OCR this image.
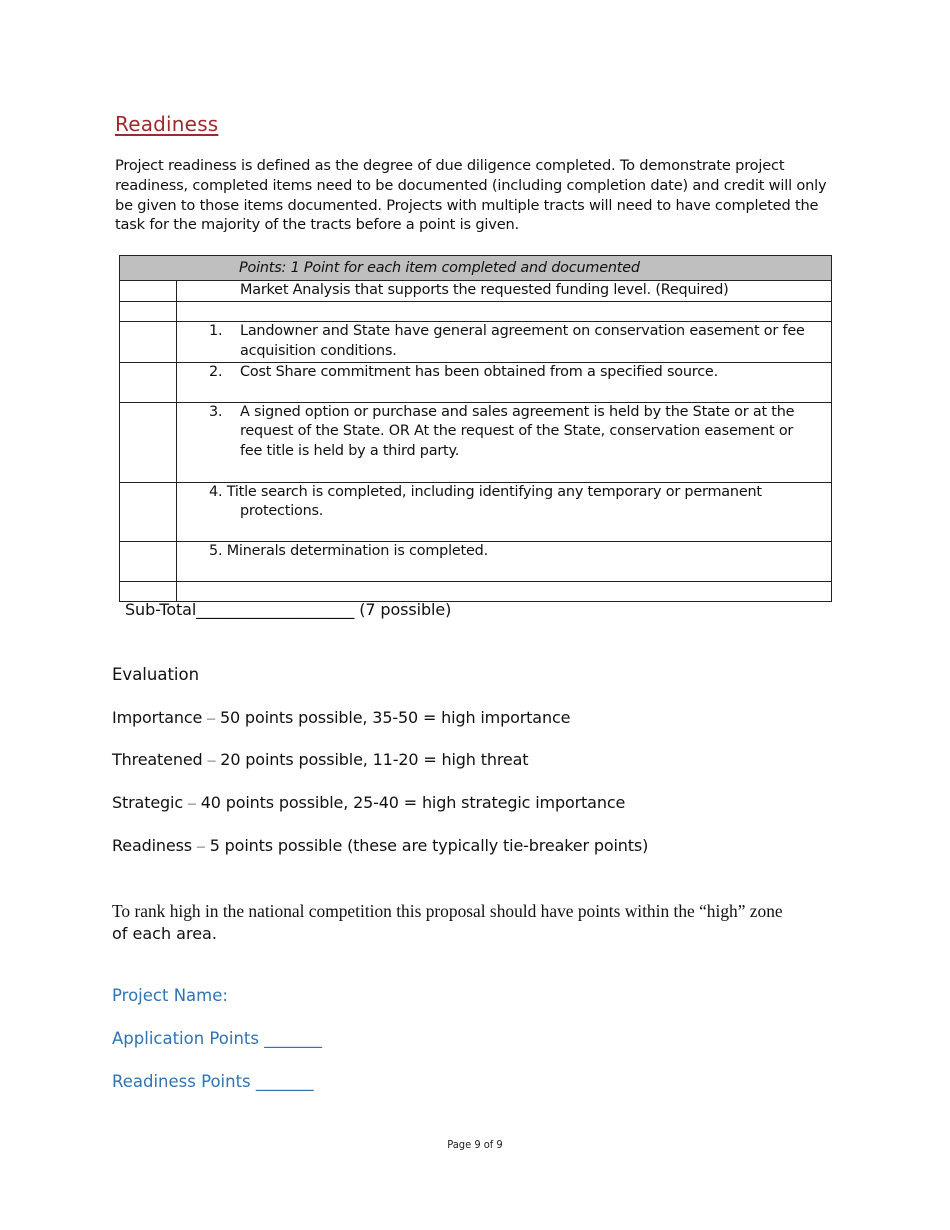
Readiness
Project readiness is defined as the degree of due diligence completed. To demonstrate project readiness, completed items need to be documented (including completion date) and credit will only be given to those items documented. Projects with multiple tracts will need to have completed the task for the majority of the tracts before a point is given.
Points: 1 Point for each item completed and documented	

	Market Analysis that supports the requested funding level. (Required)

	1. Landowner and State have general agreement on conservation easement or fee acquisition conditions.

	2. Cost Share commitment has been obtained from a specified source.

	3. A signed option or purchase and sales agreement is held by the State or at the request of the State. OR At the request of the State, conservation easement or fee title is held by a third party.

	4. Title search is completed, including identifying any temporary or permanent protections.

	5. Minerals determination is completed.

Sub-Total____________________ (7 possible)
Evaluation
Importance – 50 points possible, 35-50 = high importance
Threatened – 20 points possible, 11-20 = high threat
Strategic – 40 points possible, 25-40 = high strategic importance
Readiness – 5 points possible (these are typically tie-breaker points)
To rank high in the national competition this proposal should have points within the “high” zone
of each area.
Project Name:
Application Points _______
Readiness Points _______
Page 9 of 9
